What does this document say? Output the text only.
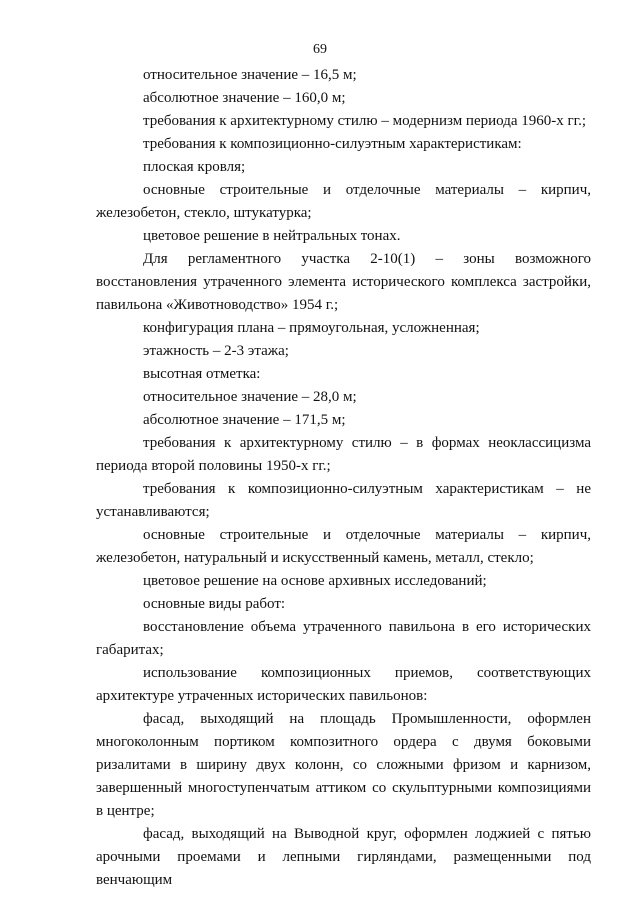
69

относительное значение – 16,5 м;

абсолютное значение – 160,0 м;

требования к архитектурному стилю – модернизм периода 1960-х гг.;

требования к композиционно-силуэтным характеристикам:

плоская кровля;

основные строительные и отделочные материалы – кирпич, железобетон, стекло, штукатурка;

цветовое решение в нейтральных тонах.

Для регламентного участка 2-10(1) – зоны возможного восстановления утраченного элемента исторического комплекса застройки, павильона «Животноводство» 1954 г.;

конфигурация плана – прямоугольная, усложненная;

этажность – 2-3 этажа;

высотная отметка:

относительное значение – 28,0 м;

абсолютное значение – 171,5 м;

требования к архитектурному стилю – в формах неоклассицизма периода второй половины 1950-х гг.;

требования к композиционно-силуэтным характеристикам – не устанавливаются;

основные строительные и отделочные материалы – кирпич, железобетон, натуральный и искусственный камень, металл, стекло;

цветовое решение на основе архивных исследований;

основные виды работ:

восстановление объема утраченного павильона в его исторических габаритах;

использование композиционных приемов, соответствующих архитектуре утраченных исторических павильонов:

фасад, выходящий на площадь Промышленности, оформлен многоколонным портиком композитного ордера с двумя боковыми ризалитами в ширину двух колонн, со сложными фризом и карнизом, завершенный многоступенчатым аттиком со скульптурными композициями в центре;

фасад, выходящий на Выводной круг, оформлен лоджией с пятью арочными проемами и лепными гирляндами, размещенными под венчающим
